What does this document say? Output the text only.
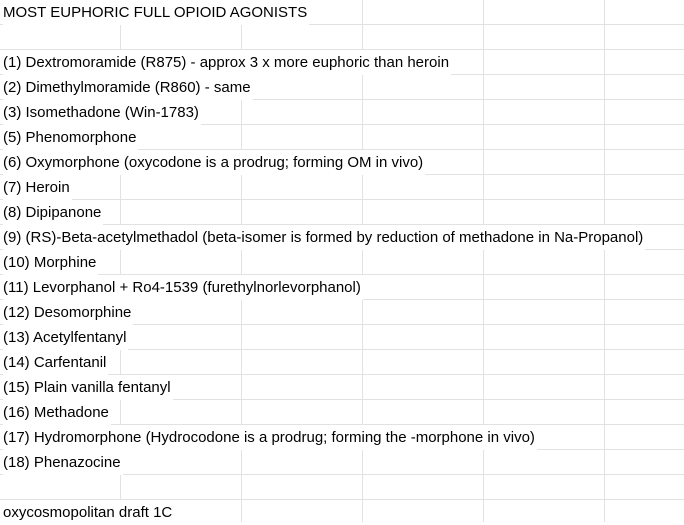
MOST EUPHORIC FULL OPIOID AGONISTS
(1) Dextromoramide (R875) - approx 3 x more euphoric than heroin
(2) Dimethylmoramide (R860) - same
(3) Isomethadone (Win-1783)
(5) Phenomorphone
(6) Oxymorphone (oxycodone is a prodrug; forming OM in vivo)
(7) Heroin
(8) Dipipanone
(9) (RS)-Beta-acetylmethadol (beta-isomer is formed by reduction of methadone in Na-Propanol)
(10) Morphine
(11) Levorphanol + Ro4-1539 (furethylnorlevorphanol)
(12) Desomorphine
(13) Acetylfentanyl
(14) Carfentanil
(15) Plain vanilla fentanyl
(16) Methadone
(17) Hydromorphone (Hydrocodone is a prodrug; forming the -morphone in vivo)
(18) Phenazocine
oxycosmopolitan draft 1C
